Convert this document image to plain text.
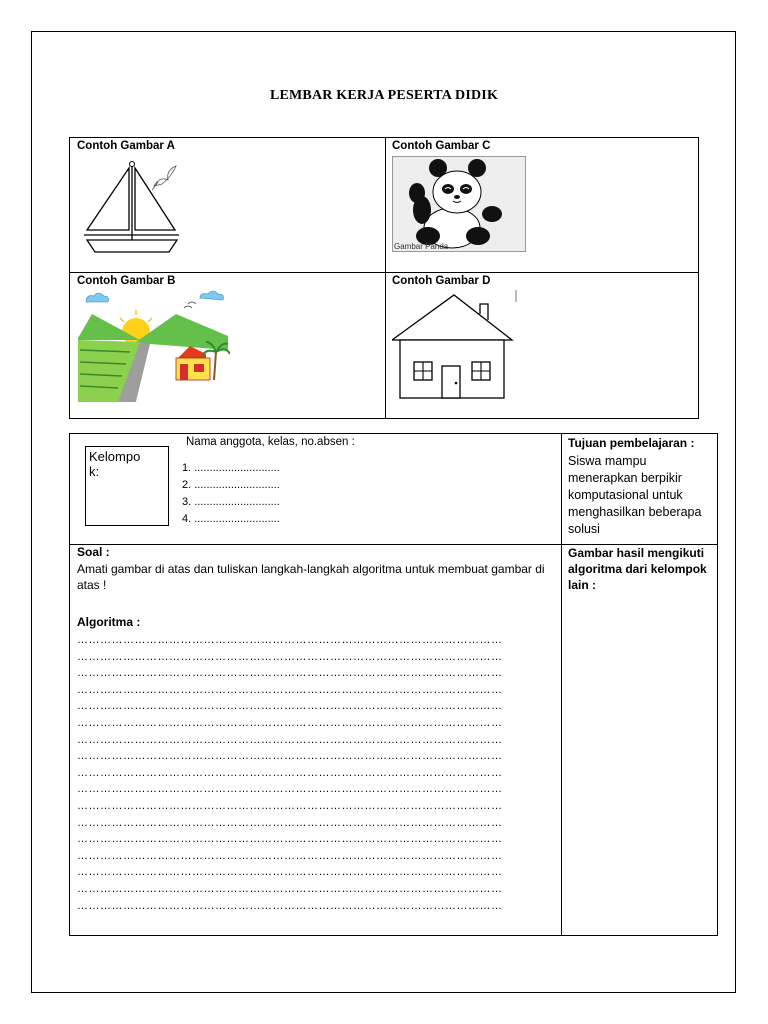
LEMBAR KERJA PESERTA DIDIK
Contoh Gambar A	Contoh Gambar C
Contoh Gambar B	Contoh Gambar D
Gambar Panda
Kelompok:
Nama anggota, kelas, no.absen :
1. ............................
2. ............................
3. ............................
4. ............................
Tujuan pembelajaran :
Siswa mampu menerapkan berpikir komputasional untuk menghasilkan beberapa solusi
Soal :
Amati gambar di atas dan tuliskan langkah-langkah algoritma untuk membuat gambar di atas !
Algoritma :
…………………………………………………………………………………………………
…………………………………………………………………………………………………
…………………………………………………………………………………………………
…………………………………………………………………………………………………
…………………………………………………………………………………………………
…………………………………………………………………………………………………
…………………………………………………………………………………………………
…………………………………………………………………………………………………
…………………………………………………………………………………………………
…………………………………………………………………………………………………
…………………………………………………………………………………………………
…………………………………………………………………………………………………
…………………………………………………………………………………………………
…………………………………………………………………………………………………
…………………………………………………………………………………………………
…………………………………………………………………………………………………
…………………………………………………………………………………………………
Gambar hasil mengikuti algoritma dari kelompok lain :
